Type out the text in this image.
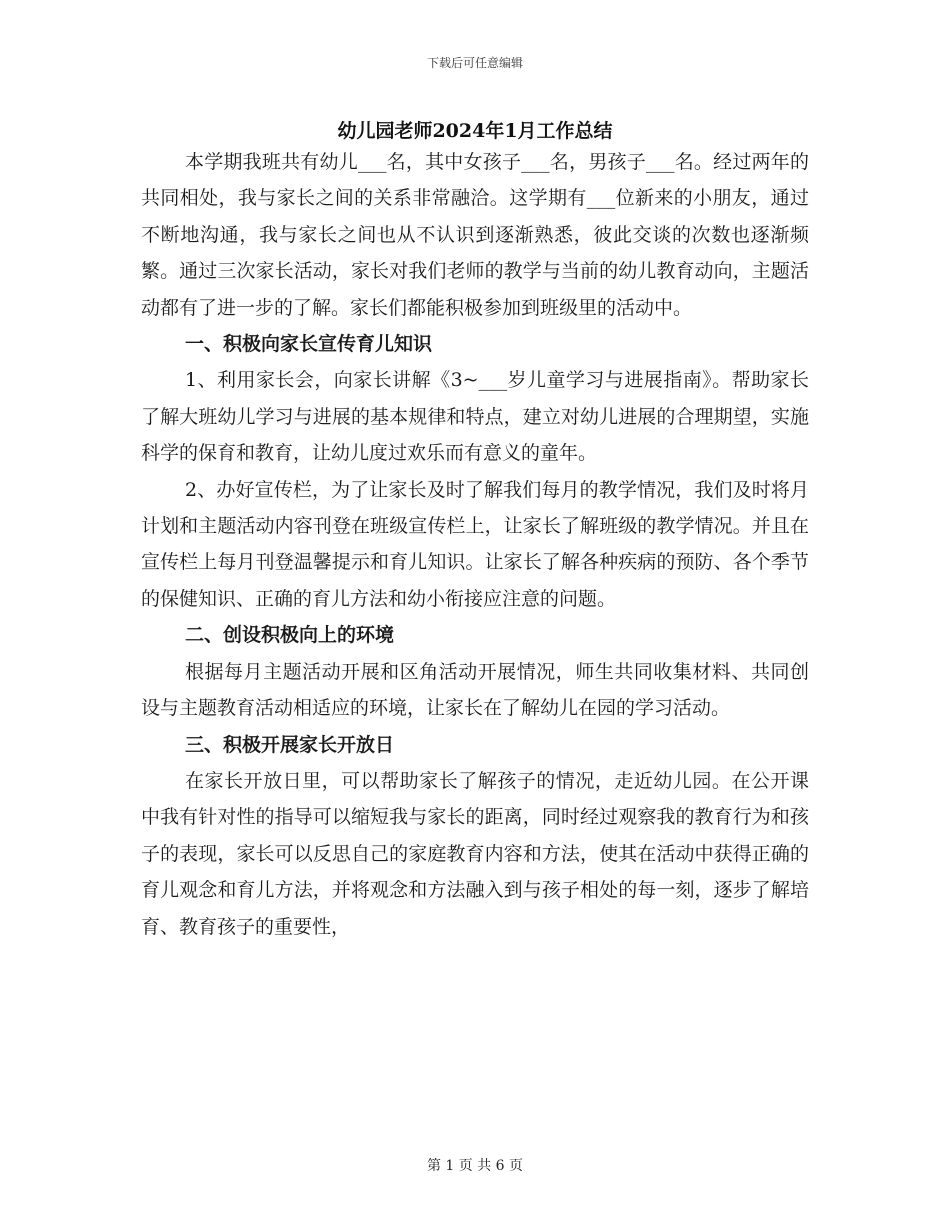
下载后可任意编辑
幼儿园老师2024年1月工作总结

本学期我班共有幼儿___名，其中女孩子___名，男孩子___名。经过两年的共同相处，我与家长之间的关系非常融洽。这学期有___位新来的小朋友，通过不断地沟通，我与家长之间也从不认识到逐渐熟悉，彼此交谈的次数也逐渐频繁。通过三次家长活动，家长对我们老师的教学与当前的幼儿教育动向，主题活动都有了进一步的了解。家长们都能积极参加到班级里的活动中。

一、积极向家长宣传育儿知识

1、利用家长会，向家长讲解《3~___岁儿童学习与进展指南》。帮助家长了解大班幼儿学习与进展的基本规律和特点，建立对幼儿进展的合理期望，实施科学的保育和教育，让幼儿度过欢乐而有意义的童年。

2、办好宣传栏，为了让家长及时了解我们每月的教学情况，我们及时将月计划和主题活动内容刊登在班级宣传栏上，让家长了解班级的教学情况。并且在宣传栏上每月刊登温馨提示和育儿知识。让家长了解各种疾病的预防、各个季节的保健知识、正确的育儿方法和幼小衔接应注意的问题。

二、创设积极向上的环境

根据每月主题活动开展和区角活动开展情况，师生共同收集材料、共同创设与主题教育活动相适应的环境，让家长在了解幼儿在园的学习活动。

三、积极开展家长开放日

在家长开放日里，可以帮助家长了解孩子的情况，走近幼儿园。在公开课中我有针对性的指导可以缩短我与家长的距离，同时经过观察我的教育行为和孩子的表现，家长可以反思自己的家庭教育内容和方法，使其在活动中获得正确的育儿观念和育儿方法，并将观念和方法融入到与孩子相处的每一刻，逐步了解培育、教育孩子的重要性，

第 1 页 共 6 页
